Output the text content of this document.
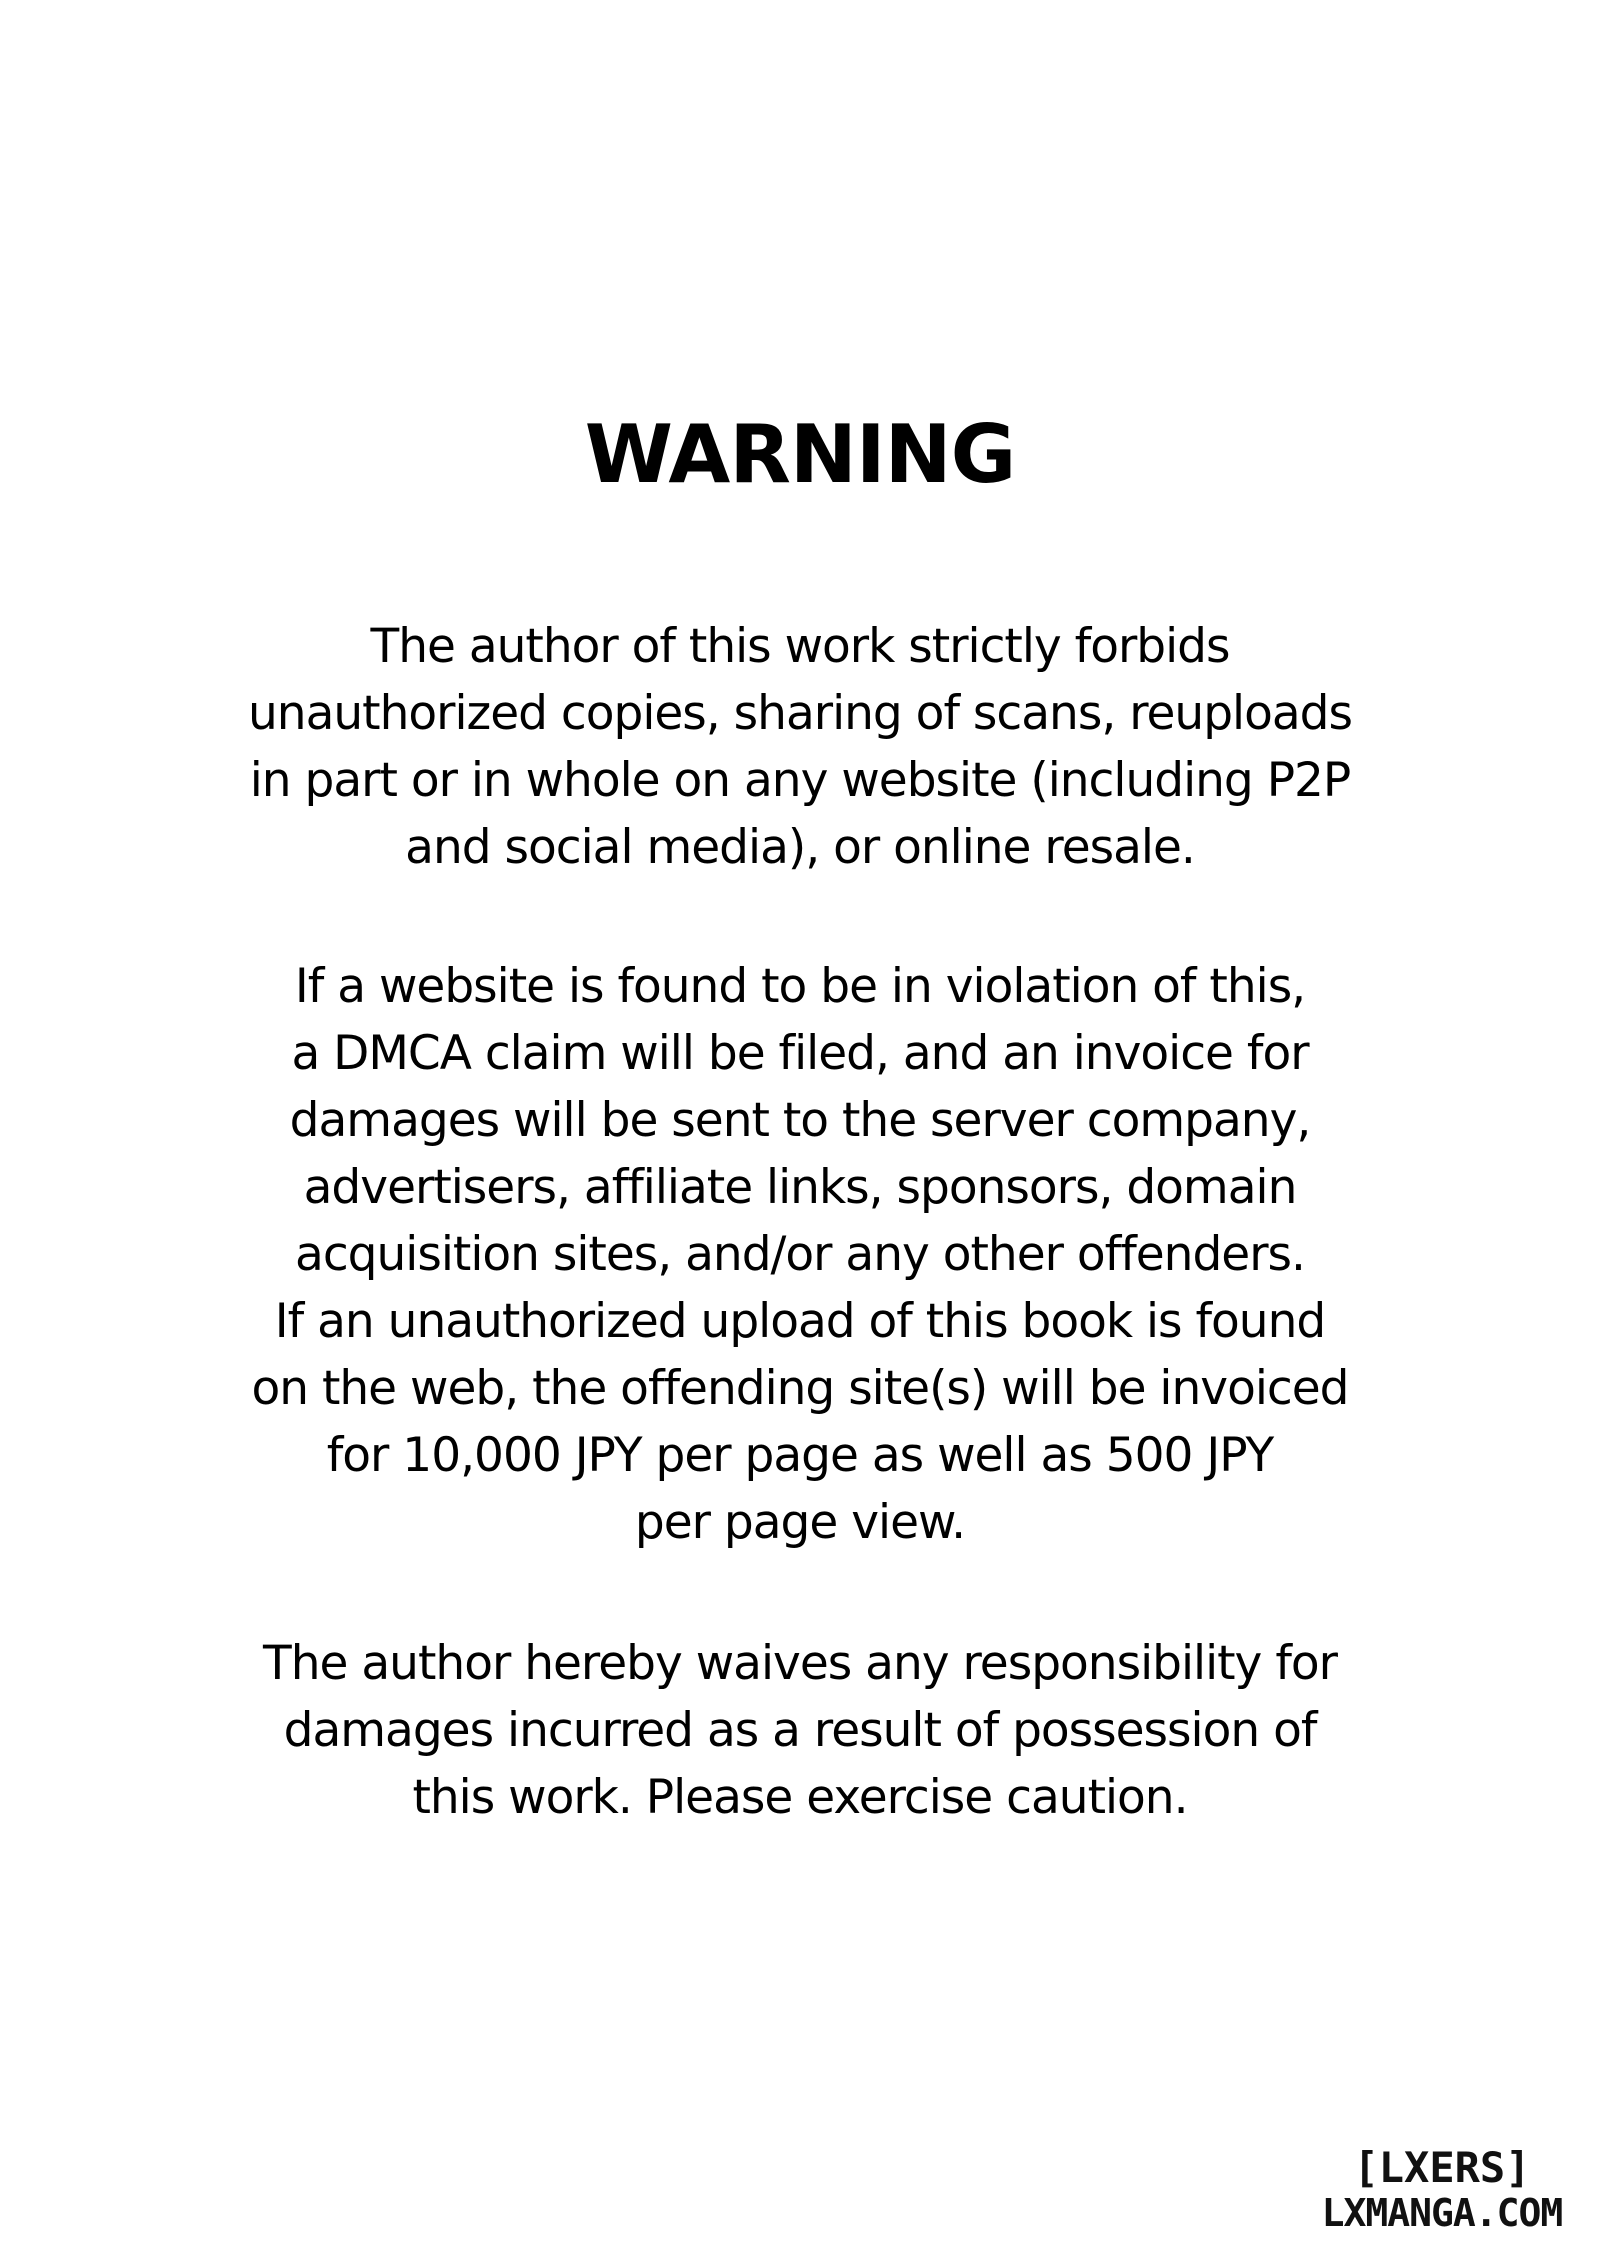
WARNING
The author of this work strictly forbids
unauthorized copies, sharing of scans, reuploads
in part or in whole on any website (including P2P
and social media), or online resale.
If a website is found to be in violation of this,
a DMCA claim will be filed, and an invoice for
damages will be sent to the server company,
advertisers, affiliate links, sponsors, domain
acquisition sites, and/or any other offenders.
If an unauthorized upload of this book is found
on the web, the offending site(s) will be invoiced
for 10,000 JPY per page as well as 500 JPY
per page view.
The author hereby waives any responsibility for
damages incurred as a result of possession of
this work. Please exercise caution.
[LXERS]
LXMANGA.COM
